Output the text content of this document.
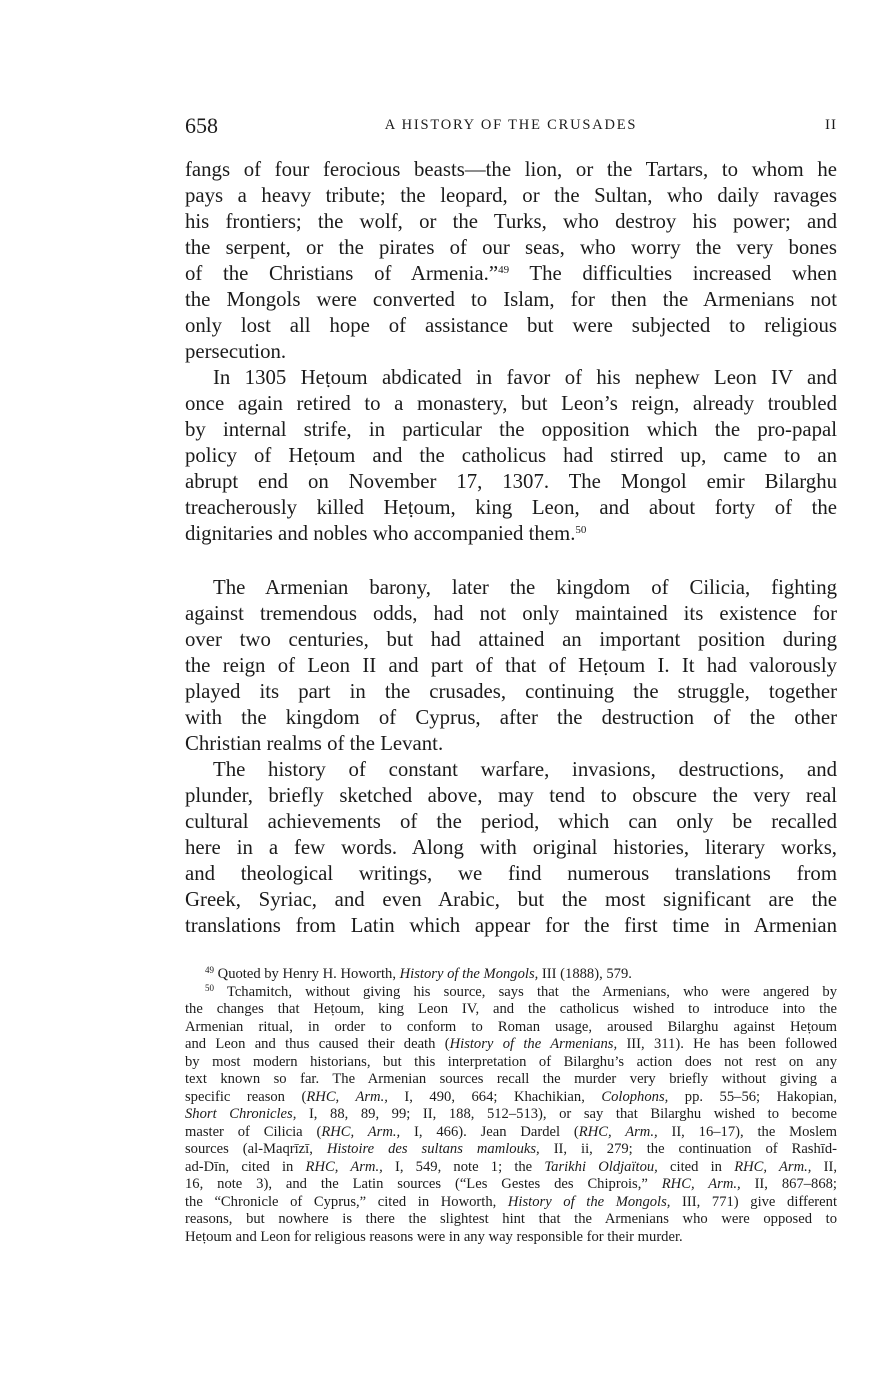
658	A HISTORY OF THE CRUSADES	II
fangs of four ferocious beasts—the lion, or the Tartars, to whom he
pays a heavy tribute; the leopard, or the Sultan, who daily ravages
his frontiers; the wolf, or the Turks, who destroy his power; and
the serpent, or the pirates of our seas, who worry the very bones
of the Christians of Armenia.”$^{49}$ The difficulties increased when
the Mongols were converted to Islam, for then the Armenians not
only lost all hope of assistance but were subjected to religious
persecution.
In 1305 Heṭoum abdicated in favor of his nephew Leon IV and
once again retired to a monastery, but Leon’s reign, already troubled
by internal strife, in particular the opposition which the pro-papal
policy of Heṭoum and the catholicus had stirred up, came to an
abrupt end on November 17, 1307. The Mongol emir Bilarghu
treacherously killed Heṭoum, king Leon, and about forty of the
dignitaries and nobles who accompanied them.$^{50}$
The Armenian barony, later the kingdom of Cilicia, fighting
against tremendous odds, had not only maintained its existence for
over two centuries, but had attained an important position during
the reign of Leon II and part of that of Heṭoum I. It had valorously
played its part in the crusades, continuing the struggle, together
with the kingdom of Cyprus, after the destruction of the other
Christian realms of the Levant.
The history of constant warfare, invasions, destructions, and
plunder, briefly sketched above, may tend to obscure the very real
cultural achievements of the period, which can only be recalled
here in a few words. Along with original histories, literary works,
and theological writings, we find numerous translations from
Greek, Syriac, and even Arabic, but the most significant are the
translations from Latin which appear for the first time in Armenian
$^{49}$ Quoted by Henry H. Howorth, History of the Mongols, III (1888), 579.
$^{50}$ Tchamitch, without giving his source, says that the Armenians, who were angered by
the changes that Heṭoum, king Leon IV, and the catholicus wished to introduce into the
Armenian ritual, in order to conform to Roman usage, aroused Bilarghu against Heṭoum
and Leon and thus caused their death (History of the Armenians, III, 311). He has been followed
by most modern historians, but this interpretation of Bilarghu’s action does not rest on any
text known so far. The Armenian sources recall the murder very briefly without giving a
specific reason (RHC, Arm., I, 490, 664; Khachikian, Colophons, pp. 55–56; Hakopian,
Short Chronicles, I, 88, 89, 99; II, 188, 512–513), or say that Bilarghu wished to become
master of Cilicia (RHC, Arm., I, 466). Jean Dardel (RHC, Arm., II, 16–17), the Moslem
sources (al-Maqrīzī, Histoire des sultans mamlouks, II, ii, 279; the continuation of Rashīd-
ad-Dīn, cited in RHC, Arm., I, 549, note 1; the Tarikhi Oldjaïtou, cited in RHC, Arm., II,
16, note 3), and the Latin sources (“Les Gestes des Chiprois,” RHC, Arm., II, 867–868;
the “Chronicle of Cyprus,” cited in Howorth, History of the Mongols, III, 771) give different
reasons, but nowhere is there the slightest hint that the Armenians who were opposed to
Heṭoum and Leon for religious reasons were in any way responsible for their murder.
